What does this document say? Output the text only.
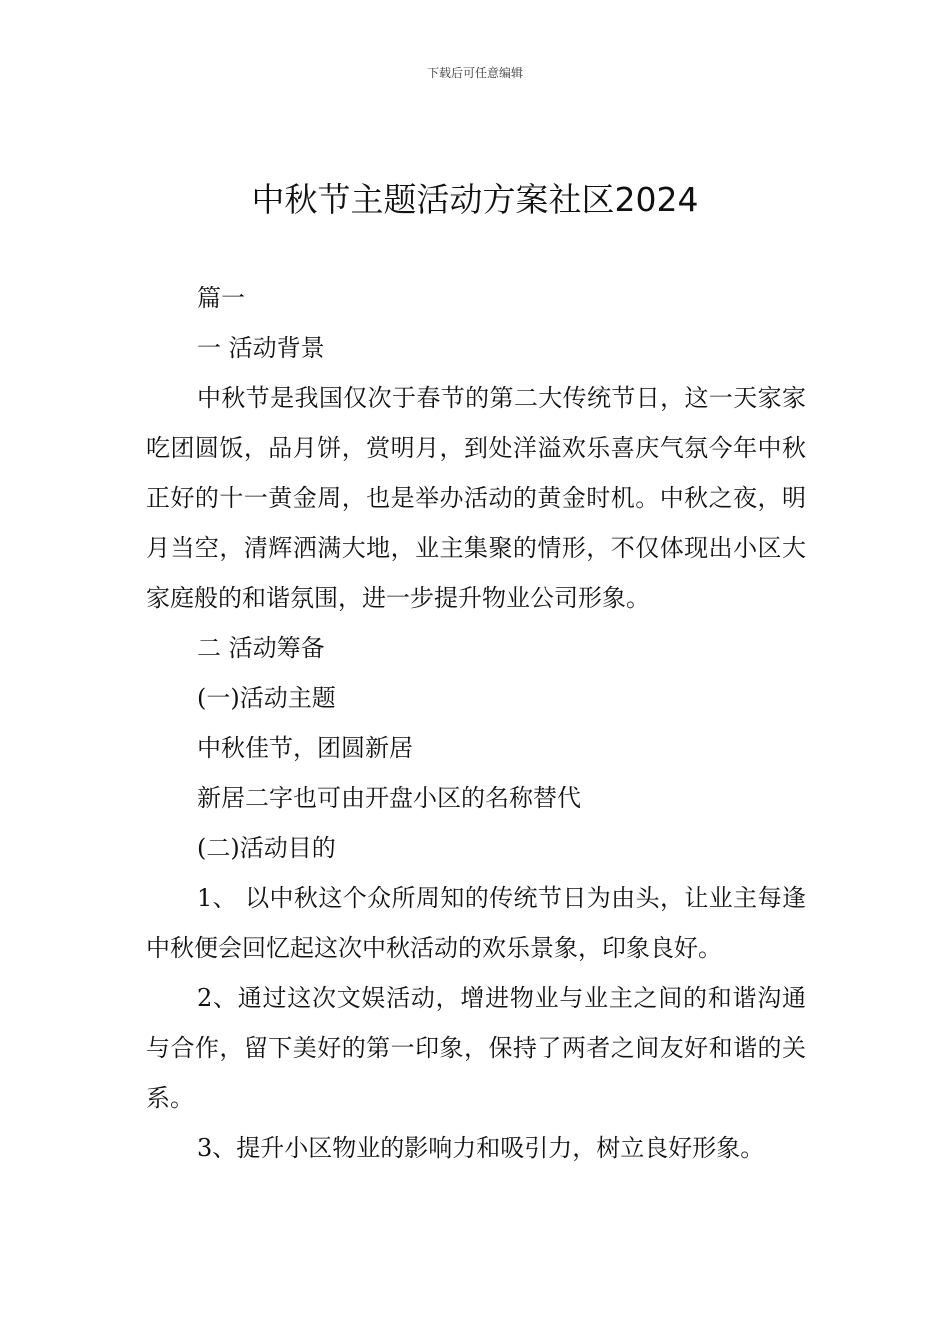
下载后可任意编辑
中秋节主题活动方案社区2024

篇一

一 活动背景

中秋节是我国仅次于春节的第二大传统节日，这一天家家吃团圆饭，品月饼，赏明月，到处洋溢欢乐喜庆气氛今年中秋正好的十一黄金周，也是举办活动的黄金时机。中秋之夜，明月当空，清辉洒满大地，业主集聚的情形，不仅体现出小区大家庭般的和谐氛围，进一步提升物业公司形象。

二 活动筹备

(一)活动主题

中秋佳节，团圆新居

新居二字也可由开盘小区的名称替代

(二)活动目的

1、 以中秋这个众所周知的传统节日为由头，让业主每逢中秋便会回忆起这次中秋活动的欢乐景象，印象良好。

2、通过这次文娱活动，增进物业与业主之间的和谐沟通与合作，留下美好的第一印象，保持了两者之间友好和谐的关系。

3、提升小区物业的影响力和吸引力，树立良好形象。
